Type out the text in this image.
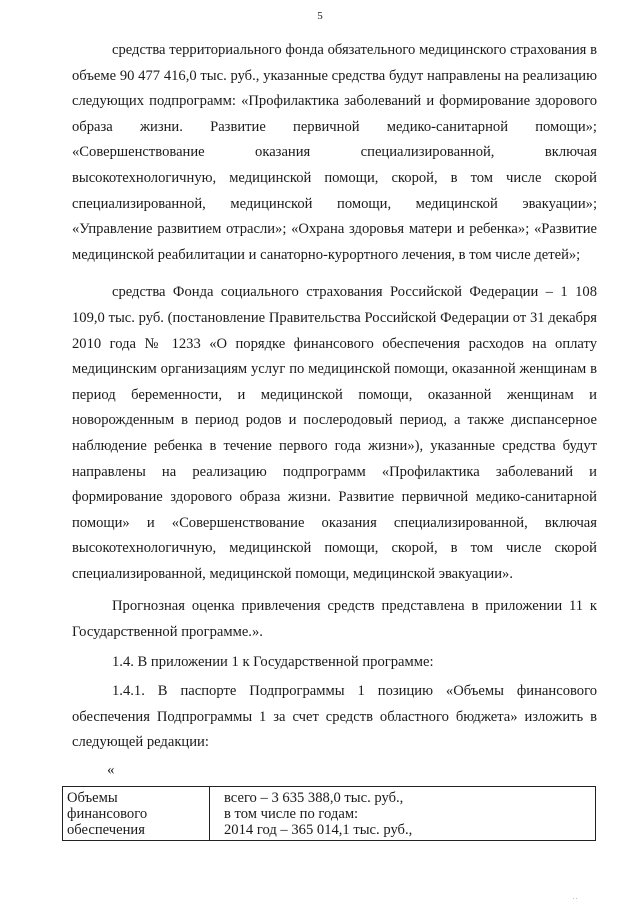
5

средства территориального фонда обязательного медицинского страхования в объеме 90 477 416,0 тыс. руб., указанные средства будут направлены на реализацию следующих подпрограмм: «Профилактика заболеваний и формирование здорового образа жизни. Развитие первичной медико-санитарной помощи»; «Совершенствование оказания специализированной, включая высокотехнологичную, медицинской помощи, скорой, в том числе скорой специализированной, медицинской помощи, медицинской эвакуации»; «Управление развитием отрасли»; «Охрана здоровья матери и ребенка»; «Развитие медицинской реабилитации и санаторно-курортного лечения, в том числе детей»;

средства Фонда социального страхования Российской Федерации – 1 108 109,0 тыс. руб. (постановление Правительства Российской Федерации от 31 декабря 2010 года № 1233 «О порядке финансового обеспечения расходов на оплату медицинским организациям услуг по медицинской помощи, оказанной женщинам в период беременности, и медицинской помощи, оказанной женщинам и новорожденным в период родов и послеродовый период, а также диспансерное наблюдение ребенка в течение первого года жизни»), указанные средства будут направлены на реализацию подпрограмм «Профилактика заболеваний и формирование здорового образа жизни. Развитие первичной медико-санитарной помощи» и «Совершенствование оказания специализированной, включая высокотехнологичную, медицинской помощи, скорой, в том числе скорой специализированной, медицинской помощи, медицинской эвакуации».

Прогнозная оценка привлечения средств представлена в приложении 11 к Государственной программе.».

1.4. В приложении 1 к Государственной программе:

1.4.1. В паспорте Подпрограммы 1 позицию «Объемы финансового обеспечения Подпрограммы 1 за счет средств областного бюджета» изложить в следующей редакции:

«
Объемы
финансового
обеспечения

всего – 3 635 388,0 тыс. руб.,
в том числе по годам:
2014 год – 365 014,1 тыс. руб.,
. .
